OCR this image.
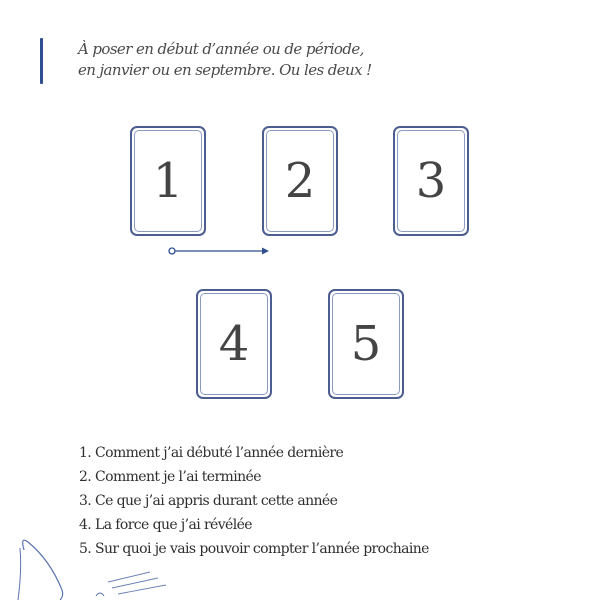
À poser en début d’année ou de période,
en janvier ou en septembre. Ou les deux !
1 2 3
4 5
1. Comment j’ai débuté l’année dernière
2. Comment je l’ai terminée
3. Ce que j’ai appris durant cette année
4. La force que j’ai révélée
5. Sur quoi je vais pouvoir compter l’année prochaine
